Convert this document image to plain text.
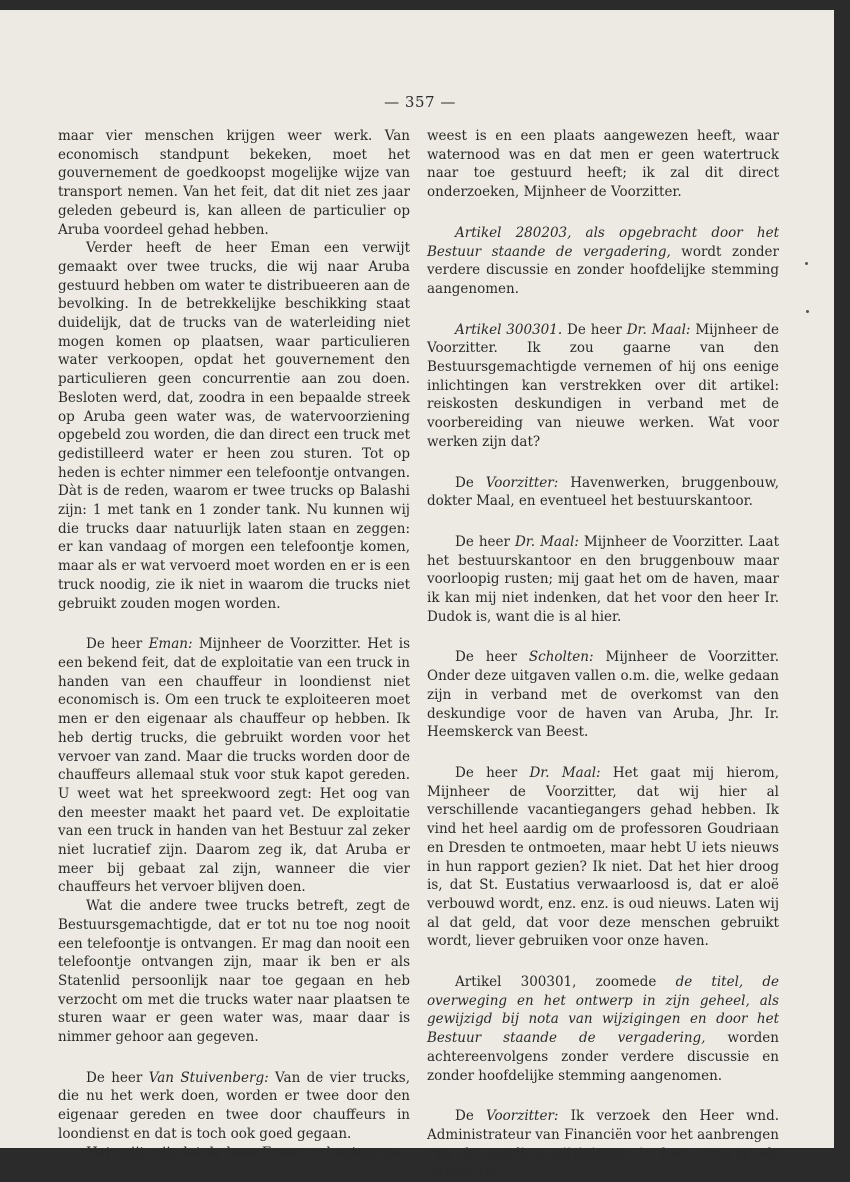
— 357 —

maar vier menschen krijgen weer werk. Van economisch standpunt bekeken, moet het gouvernement de goedkoopst mogelijke wijze van transport nemen. Van het feit, dat dit niet zes jaar geleden gebeurd is, kan alleen de particulier op Aruba voordeel gehad hebben.

Verder heeft de heer Eman een verwijt gemaakt over twee trucks, die wij naar Aruba gestuurd hebben om water te distribueeren aan de bevolking. In de betrekkelijke beschikking staat duidelijk, dat de trucks van de waterleiding niet mogen komen op plaatsen, waar particulieren water verkoopen, opdat het gouvernement den particulieren geen concurrentie aan zou doen. Besloten werd, dat, zoodra in een bepaalde streek op Aruba geen water was, de watervoorziening opgebeld zou worden, die dan direct een truck met gedistilleerd water er heen zou sturen. Tot op heden is echter nimmer een telefoontje ontvangen. Dàt is de reden, waarom er twee trucks op Balashi zijn: 1 met tank en 1 zonder tank. Nu kunnen wij die trucks daar natuurlijk laten staan en zeggen: er kan vandaag of morgen een telefoontje komen, maar als er wat vervoerd moet worden en er is een truck noodig, zie ik niet in waarom die trucks niet gebruikt zouden mogen worden.

De heer Eman: Mijnheer de Voorzitter. Het is een bekend feit, dat de exploitatie van een truck in handen van een chauffeur in loondienst niet economisch is. Om een truck te exploiteeren moet men er den eigenaar als chauffeur op hebben. Ik heb dertig trucks, die gebruikt worden voor het vervoer van zand. Maar die trucks worden door de chauffeurs allemaal stuk voor stuk kapot gereden. U weet wat het spreekwoord zegt: Het oog van den meester maakt het paard vet. De exploitatie van een truck in handen van het Bestuur zal zeker niet lucratief zijn. Daarom zeg ik, dat Aruba er meer bij gebaat zal zijn, wanneer die vier chauffeurs het vervoer blijven doen.

Wat die andere twee trucks betreft, zegt de Bestuursgemachtigde, dat er tot nu toe nog nooit een telefoontje is ontvangen. Er mag dan nooit een telefoontje ontvangen zijn, maar ik ben er als Statenlid persoonlijk naar toe gegaan en heb verzocht om met die trucks water naar plaatsen te sturen waar er geen water was, maar daar is nimmer gehoor aan gegeven.

De heer Van Stuivenberg: Van de vier trucks, die nu het werk doen, worden er twee door den eigenaar gereden en twee door chauffeurs in loondienst en dat is toch ook goed gegaan.

Het spijt mij, dat de heer Eman op kantoor ge-

weest is en een plaats aangewezen heeft, waar waternood was en dat men er geen watertruck naar toe gestuurd heeft; ik zal dit direct onderzoeken, Mijnheer de Voorzitter.

Artikel 280203, als opgebracht door het Bestuur staande de vergadering, wordt zonder verdere discussie en zonder hoofdelijke stemming aangenomen.

Artikel 300301. De heer Dr. Maal: Mijnheer de Voorzitter. Ik zou gaarne van den Bestuursgemachtigde vernemen of hij ons eenige inlichtingen kan verstrekken over dit artikel: reiskosten deskundigen in verband met de voorbereiding van nieuwe werken. Wat voor werken zijn dat?

De Voorzitter: Havenwerken, bruggenbouw, dokter Maal, en eventueel het bestuurskantoor.

De heer Dr. Maal: Mijnheer de Voorzitter. Laat het bestuurskantoor en den bruggenbouw maar voorloopig rusten; mij gaat het om de haven, maar ik kan mij niet indenken, dat het voor den heer Ir. Dudok is, want die is al hier.

De heer Scholten: Mijnheer de Voorzitter. Onder deze uitgaven vallen o.m. die, welke gedaan zijn in verband met de overkomst van den deskundige voor de haven van Aruba, Jhr. Ir. Heemskerck van Beest.

De heer Dr. Maal: Het gaat mij hierom, Mijnheer de Voorzitter, dat wij hier al verschillende vacantiegangers gehad hebben. Ik vind het heel aardig om de professoren Goudriaan en Dresden te ontmoeten, maar hebt U iets nieuws in hun rapport gezien? Ik niet. Dat het hier droog is, dat St. Eustatius verwaarloosd is, dat er aloë verbouwd wordt, enz. enz. is oud nieuws. Laten wij al dat geld, dat voor deze menschen gebruikt wordt, liever gebruiken voor onze haven.

Artikel 300301, zoomede de titel, de overweging en het ontwerp in zijn geheel, als gewijzigd bij nota van wijzigingen en door het Bestuur staande de vergadering, worden achtereenvolgens zonder verdere discussie en zonder hoofdelijke stemming aangenomen.

De Voorzitter: Ik verzoek den Heer wnd. Administrateur van Financiën voor het aanbrengen van de noodige wijzigingen in het ontwerp als gevolg van
